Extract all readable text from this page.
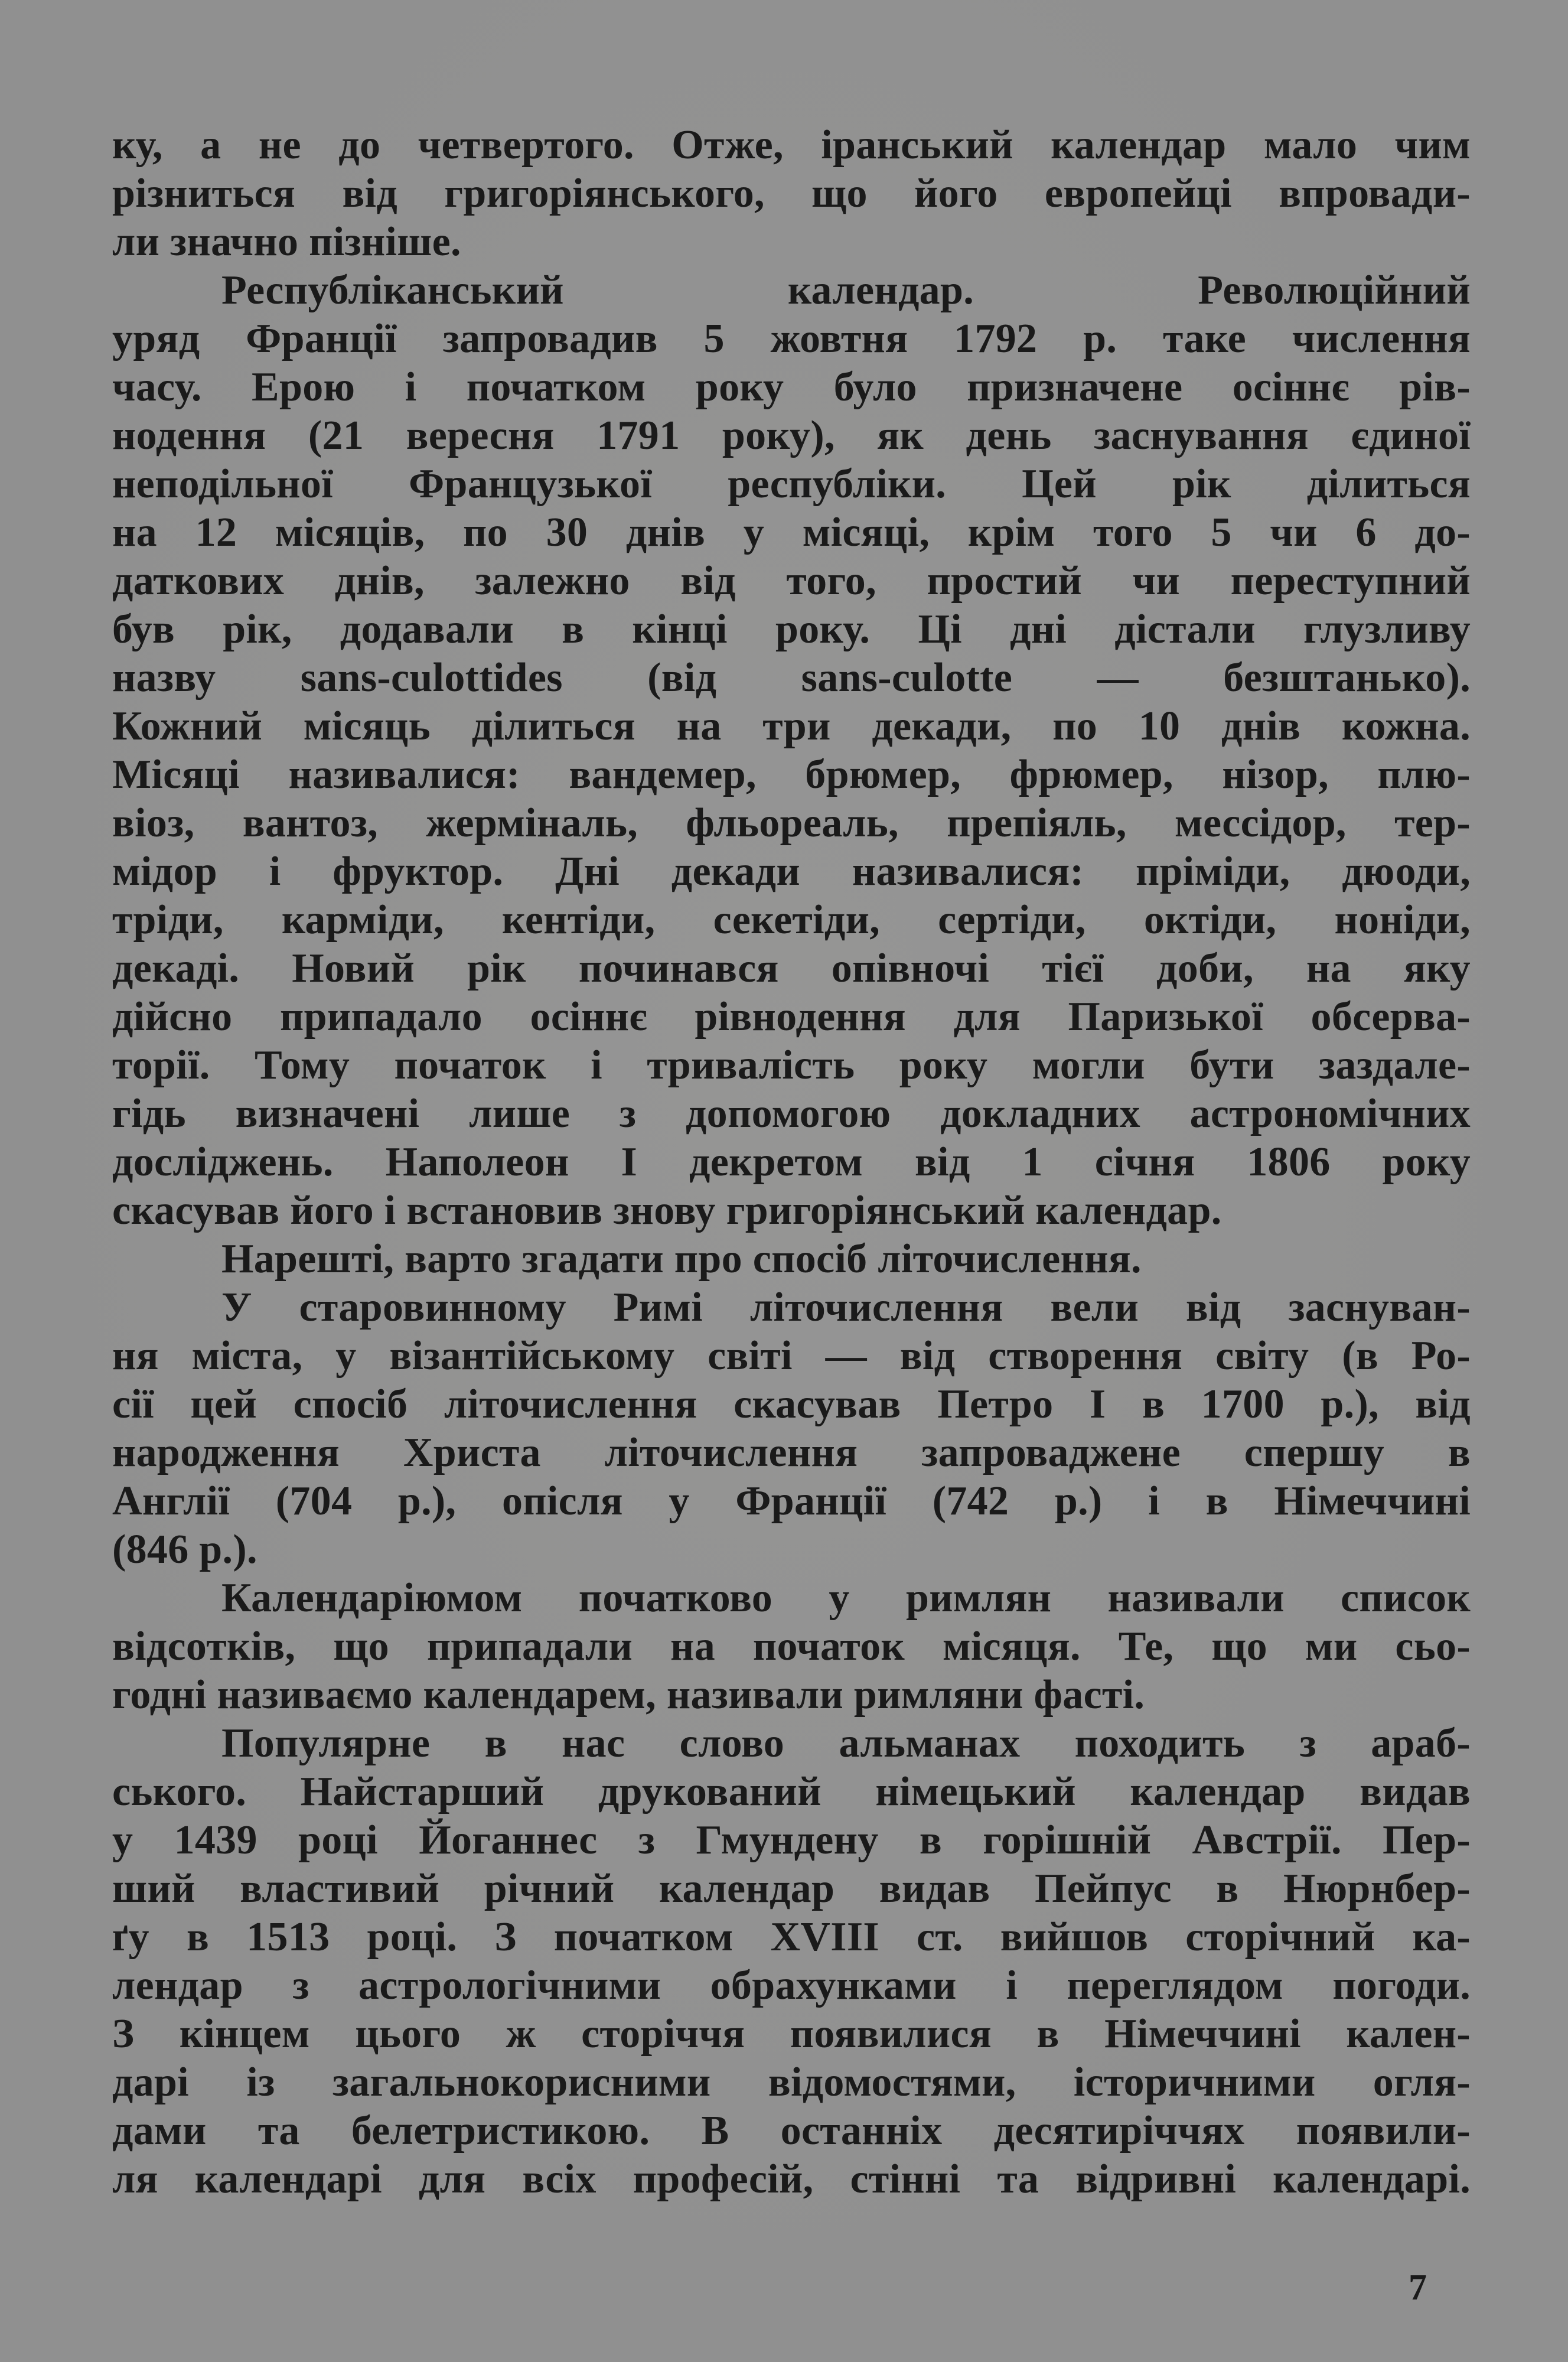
ку, а не до четвертого. Отже, іранський календар мало чим
різниться від григоріянського, що його европейці впровади-
ли значно пізніше.
Республіканський календар. Революційний
уряд Франції запровадив 5 жовтня 1792 р. таке числення
часу. Ерою і початком року було призначене осіннє рів-
нодення (21 вересня 1791 року), як день заснування єдиної
неподільної Французької республіки. Цей рік ділиться
на 12 місяців, по 30 днів у місяці, крім того 5 чи 6 до-
даткових днів, залежно від того, простий чи переступний
був рік, додавали в кінці року. Ці дні дістали глузливу
назву sans-culottides (від sans-culotte — безштанько).
Кожний місяць ділиться на три декади, по 10 днів кожна.
Місяці називалися: вандемер, брюмер, фрюмер, нізор, плю-
віоз, вантоз, жерміналь, фльореаль, препіяль, мессідор, тер-
мідор і фруктор. Дні декади називалися: пріміди, дюоди,
тріди, карміди, кентіди, секетіди, сертіди, октіди, ноніди,
декаді. Новий рік починався опівночі тієї доби, на яку
дійсно припадало осіннє рівнодення для Паризької обсерва-
торії. Тому початок і тривалість року могли бути заздале-
гідь визначені лише з допомогою докладних астрономічних
досліджень. Наполеон I декретом від 1 січня 1806 року
скасував його і встановив знову григоріянський календар.
Нарешті, варто згадати про спосіб літочислення.
У старовинному Римі літочислення вели від заснуван-
ня міста, у візантійському світі — від створення світу (в Ро-
сії цей спосіб літочислення скасував Петро I в 1700 р.), від
народження Христа літочислення запроваджене спершу в
Англії (704 р.), опісля у Франції (742 р.) і в Німеччині
(846 р.).
Календаріюмом початково у римлян називали список
відсотків, що припадали на початок місяця. Те, що ми сьо-
годні називаємо календарем, називали римляни фасті.
Популярне в нас слово альманах походить з араб-
ського. Найстарший друкований німецький календар видав
у 1439 році Йоганнес з Гмундену в горішній Австрії. Пер-
ший властивий річний календар видав Пейпус в Нюрнбер-
ґу в 1513 році. З початком XVIII ст. вийшов сторічний ка-
лендар з астрологічними обрахунками і переглядом погоди.
З кінцем цього ж сторіччя появилися в Німеччині кален-
дарі із загальнокорисними відомостями, історичними огля-
дами та белетристикою. В останніх десятиріччях появили-
ля календарі для всіх професій, стінні та відривні календарі.
7
